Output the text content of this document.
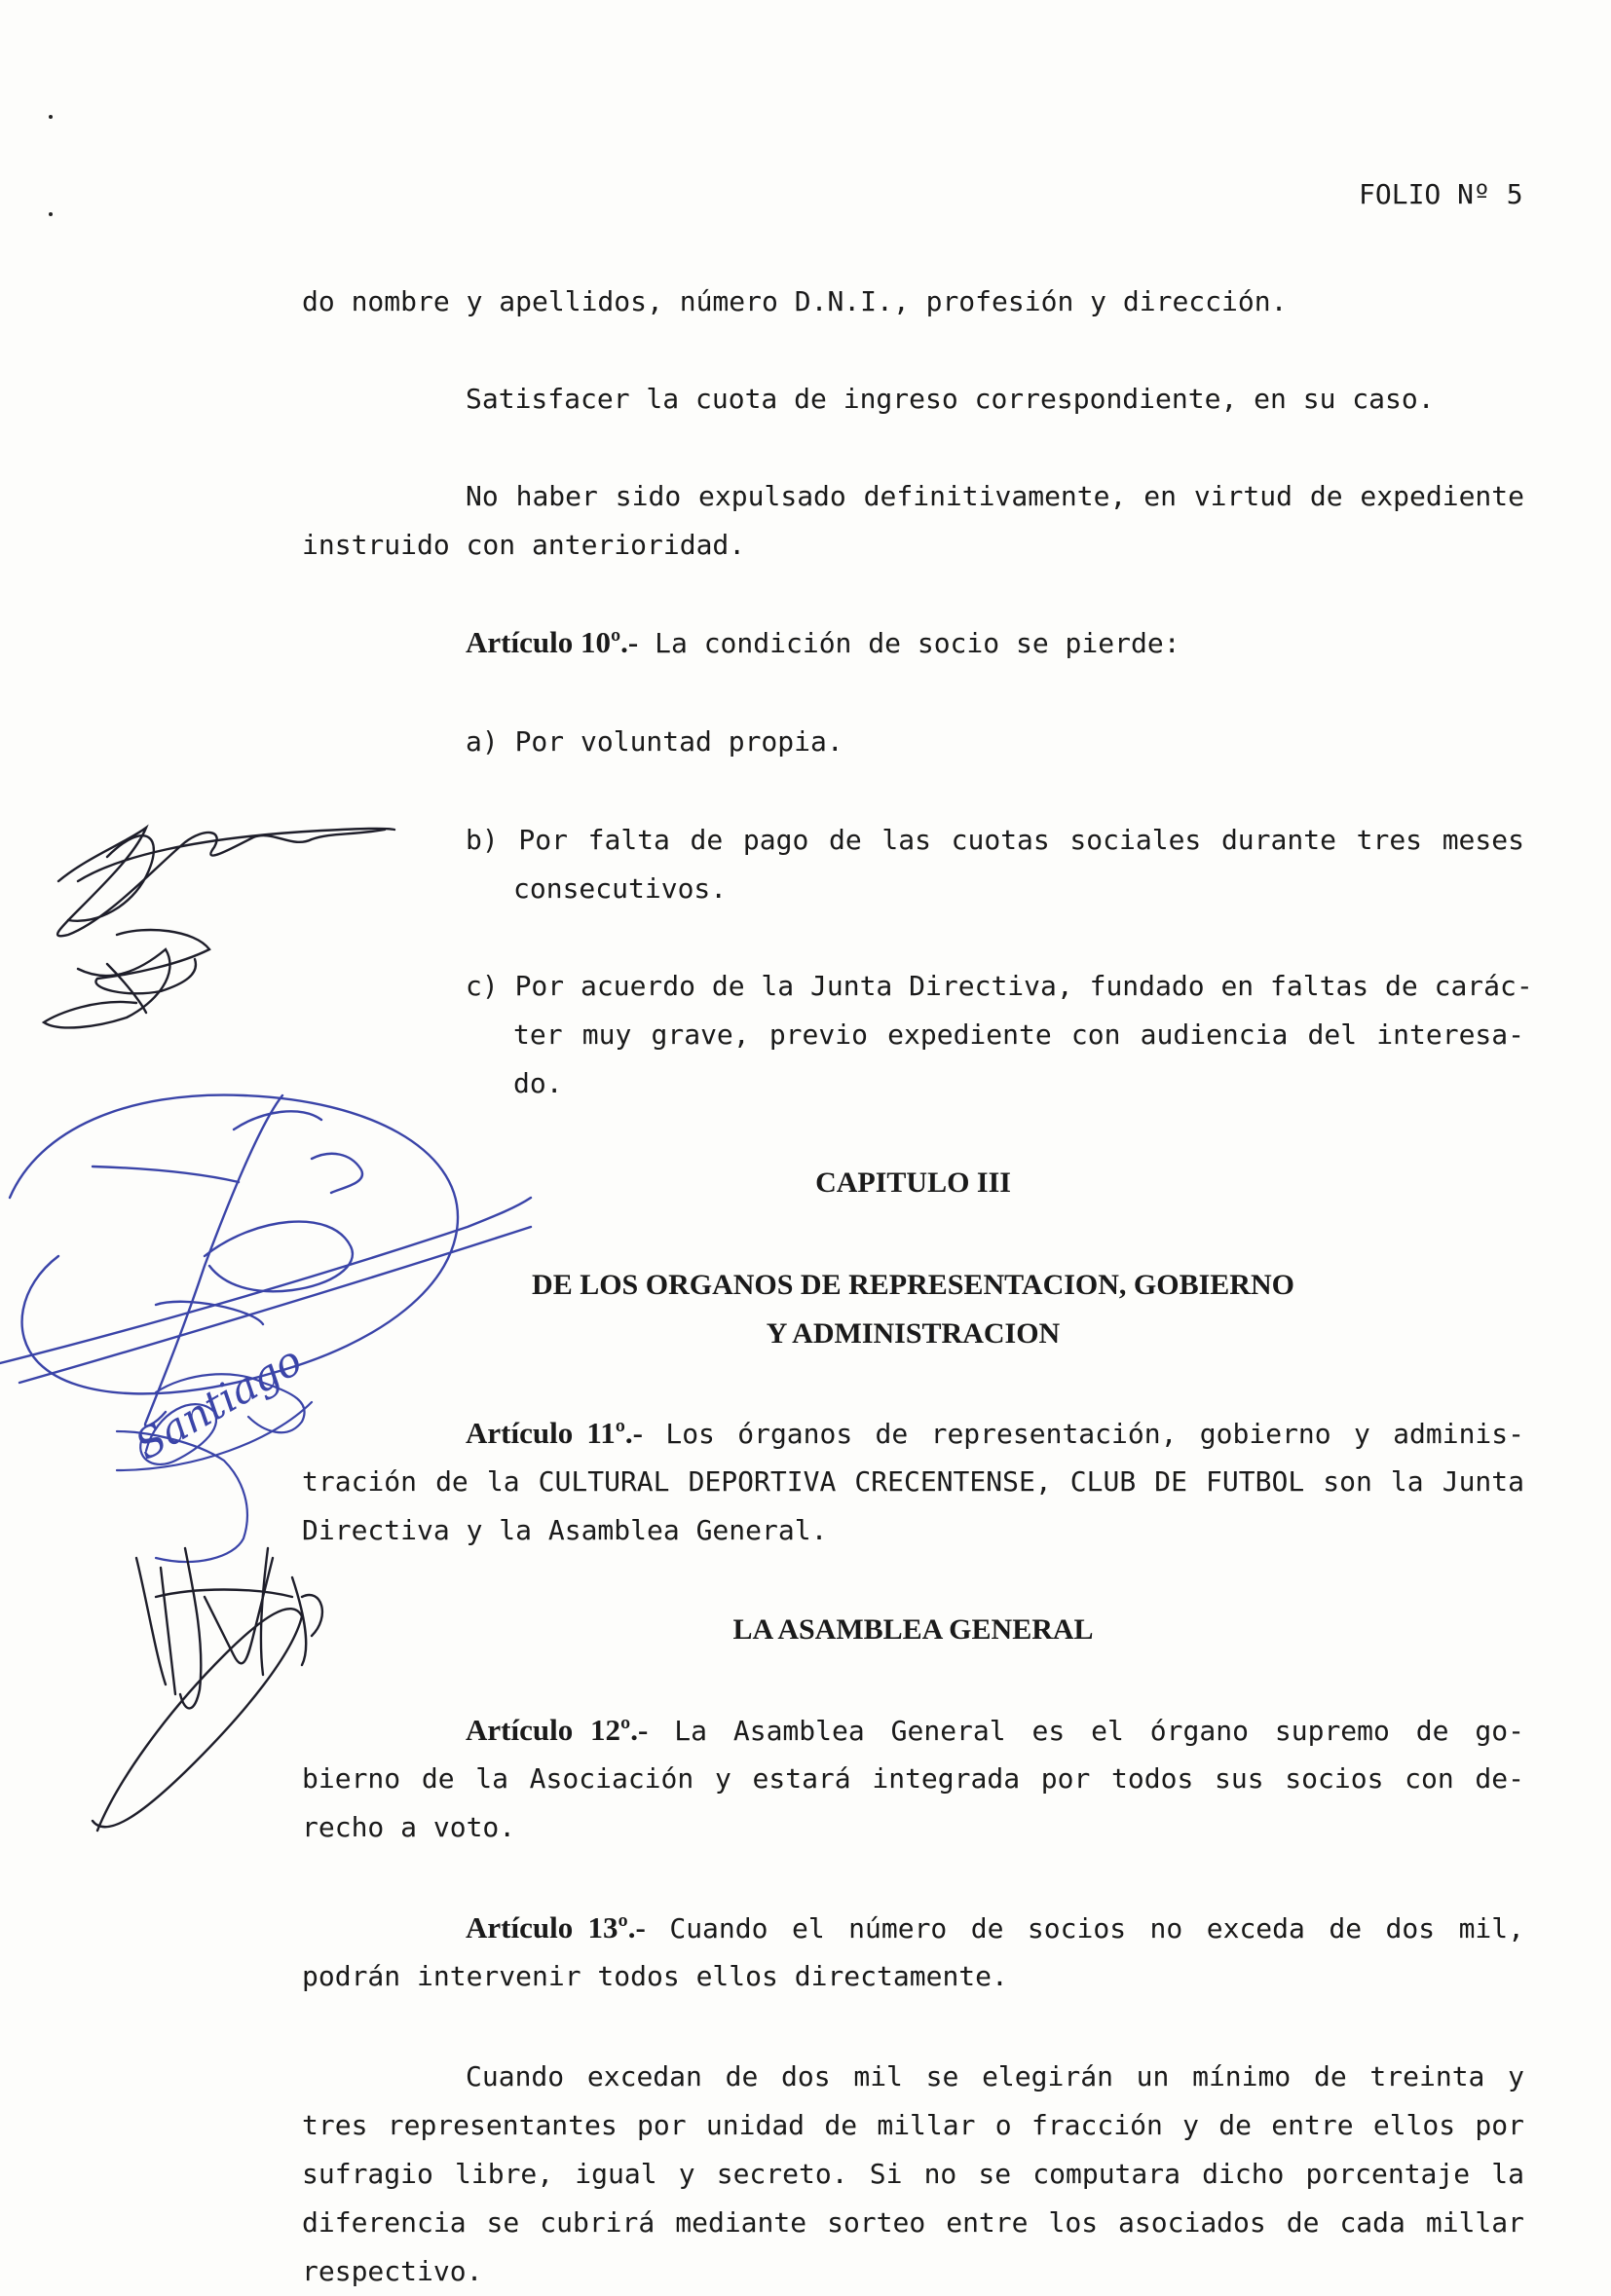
FOLIO Nº 5
do nombre y apellidos, número D.N.I., profesión y dirección.
Satisfacer la cuota de ingreso correspondiente, en su caso.
No haber sido expulsado definitivamente, en virtud de expediente
instruido con anterioridad.
Artículo 10º.- La condición de socio se pierde:
a) Por voluntad propia.
b) Por falta de pago de las cuotas sociales durante tres meses
consecutivos.
c) Por acuerdo de la Junta Directiva, fundado en faltas de carác-
ter muy grave, previo expediente con audiencia del interesa-
do.
CAPITULO III
DE LOS ORGANOS DE REPRESENTACION, GOBIERNO
Y ADMINISTRACION
Artículo 11º.- Los órganos de representación, gobierno y adminis-
tración de la CULTURAL DEPORTIVA CRECENTENSE, CLUB DE FUTBOL son la Junta
Directiva y la Asamblea General.
LA ASAMBLEA GENERAL
Artículo 12º.- La Asamblea General es el órgano supremo de go-
bierno de la Asociación y estará integrada por todos sus socios con de-
recho a voto.
Artículo 13º.- Cuando el número de socios no exceda de dos mil,
podrán intervenir todos ellos directamente.
Cuando excedan de dos mil se elegirán un mínimo de treinta y
tres representantes por unidad de millar o fracción y de entre ellos por
sufragio libre, igual y secreto. Si no se computara dicho porcentaje la
diferencia se cubrirá mediante sorteo entre los asociados de cada millar
respectivo.
Santiago
